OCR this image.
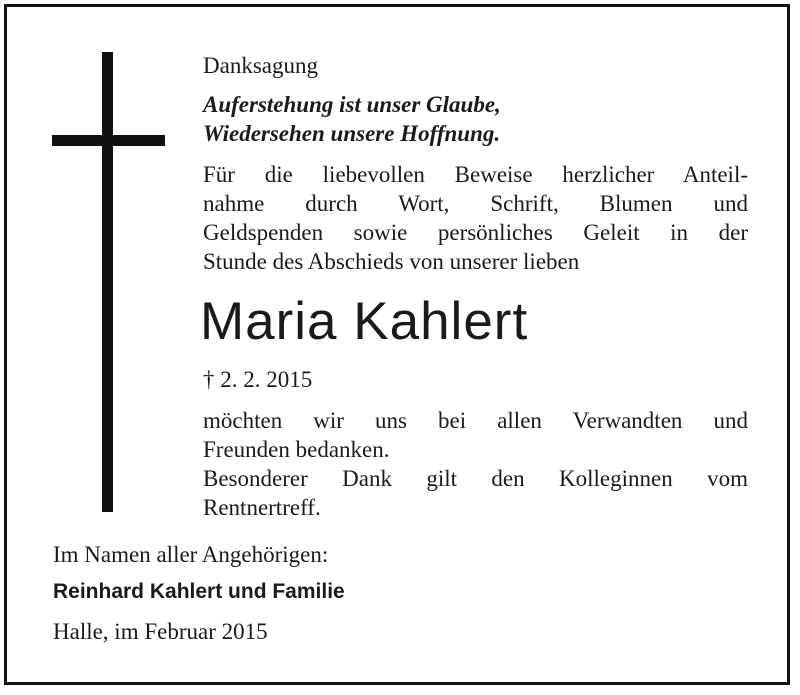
Danksagung
Auferstehung ist unser Glaube,
Wiedersehen unsere Hoffnung.
Für die liebevollen Beweise herzlicher Anteil-
nahme durch Wort, Schrift, Blumen und
Geldspenden sowie persönliches Geleit in der
Stunde des Abschieds von unserer lieben
Maria Kahlert
† 2. 2. 2015
möchten wir uns bei allen Verwandten und
Freunden bedanken.
Besonderer Dank gilt den Kolleginnen vom
Rentnertreff.
Im Namen aller Angehörigen:
Reinhard Kahlert und Familie
Halle, im Februar 2015
